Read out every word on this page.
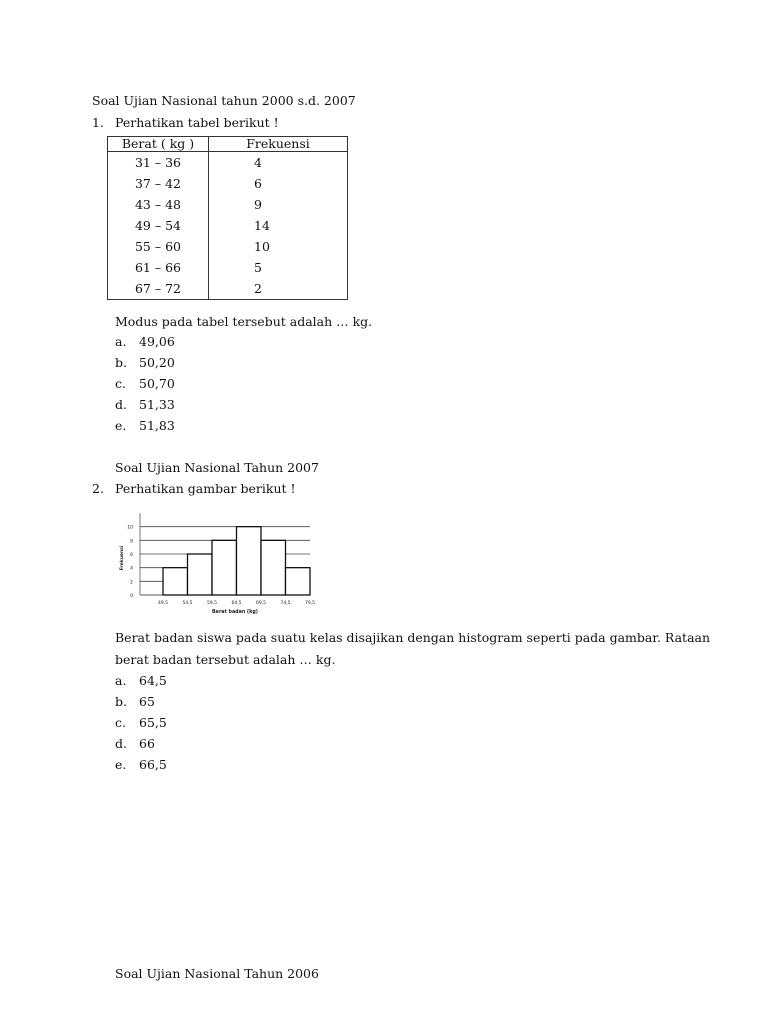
Soal Ujian Nasional tahun 2000 s.d. 2007
1. Perhatikan tabel berikut !
Berat ( kg )	Frekuensi
31 – 36	4
37 – 42	6
43 – 48	9
49 – 54	14
55 – 60	10
61 – 66	5
67 – 72	2
Modus pada tabel tersebut adalah … kg.
a. 49,06
b. 50,20
c. 50,70
d. 51,33
e. 51,83
Soal Ujian Nasional Tahun 2007
2. Perhatikan gambar berikut !
0
2
4
6
8
10
49,5	54,5	59,5	64,5	69,5	74,5	79,5
Berat badan (kg)
Frekuensi
Berat badan siswa pada suatu kelas disajikan dengan histogram seperti pada gambar. Rataan
berat badan tersebut adalah … kg.
a. 64,5
b. 65
c. 65,5
d. 66
e. 66,5
Soal Ujian Nasional Tahun 2006
